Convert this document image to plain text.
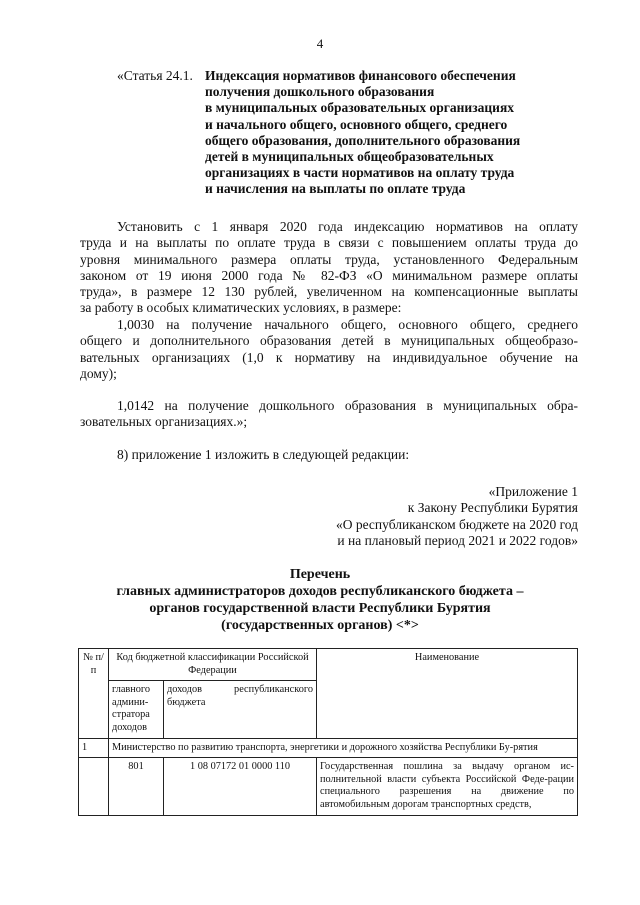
4
«Статья 24.1. Индексация нормативов финансового обеспечения
получения дошкольного образования
в муниципальных образовательных организациях
и начального общего, основного общего, среднего
общего образования, дополнительного образования
детей в муниципальных общеобразовательных
организациях в части нормативов на оплату труда
и начисления на выплаты по оплате труда
Установить с 1 января 2020 года индексацию нормативов на оплату
труда и на выплаты по оплате труда в связи с повышением оплаты труда до
уровня минимального размера оплаты труда, установленного Федеральным
законом от 19 июня 2000 года № 82-ФЗ «О минимальном размере оплаты
труда», в размере 12 130 рублей, увеличенном на компенсационные выплаты
за работу в особых климатических условиях, в размере:
1,0030 на получение начального общего, основного общего, среднего
общего и дополнительного образования детей в муниципальных общеобразо-
вательных организациях (1,0 к нормативу на индивидуальное обучение на
дому);
1,0142 на получение дошкольного образования в муниципальных обра-
зовательных организациях.»;
8) приложение 1 изложить в следующей редакции:
«Приложение 1
к Закону Республики Бурятия
«О республиканском бюджете на 2020 год
и на плановый период 2021 и 2022 годов»
Перечень
главных администраторов доходов республиканского бюджета –
органов государственной власти Республики Бурятия
(государственных органов) <*>
№ п/п	Код бюджетной классификации Российской Федерации		Наименование
	главного админи-стратора доходов	доходов республиканского бюджета	
1	Министерство по развитию транспорта, энергетики и дорожного хозяйства Республики Бу-рятия		
	801	1 08 07172 01 0000 110	Государственная пошлина за выдачу органом ис-полнительной власти субъекта Российской Феде-рации специального разрешения на движение по автомобильным дорогам транспортных средств,
